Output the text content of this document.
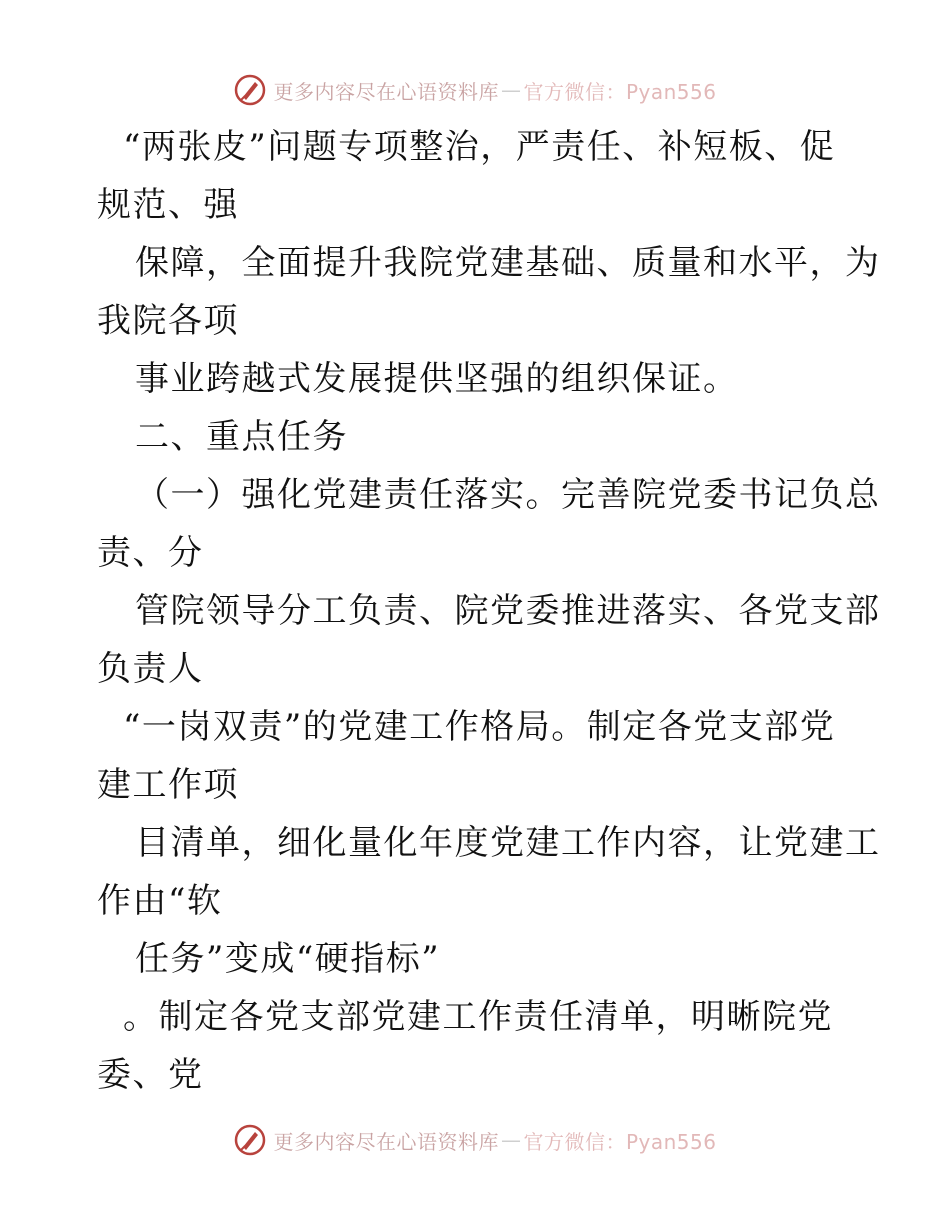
更多内容尽在心语资料库 — 官方微信：Pyan556
“两张皮”问题专项整治，严责任、补短板、促
规范、强
保障，全面提升我院党建基础、质量和水平，为
我院各项
事业跨越式发展提供坚强的组织保证。
二、重点任务
（一）强化党建责任落实。完善院党委书记负总
责、分
管院领导分工负责、院党委推进落实、各党支部
负责人
“一岗双责”的党建工作格局。制定各党支部党
建工作项
目清单，细化量化年度党建工作内容，让党建工
作由“软
任务”变成“硬指标”
。制定各党支部党建工作责任清单，明晰院党
委、党
更多内容尽在心语资料库 — 官方微信：Pyan556
